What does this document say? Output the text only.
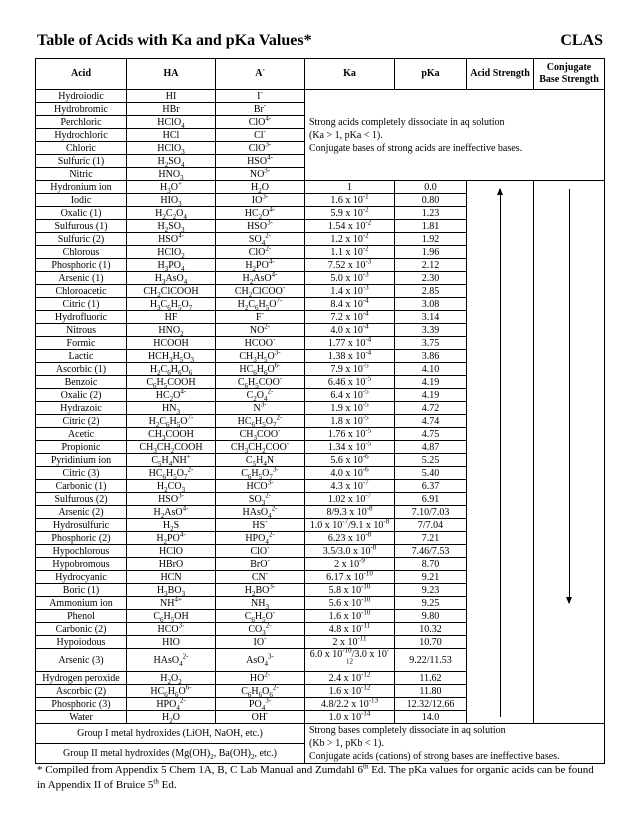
Table of Acids with Ka and pKa Values*	CLAS
Acid	HA	A-	Ka	pKa	Acid Strength	Conjugate Base Strength
Hydroiodic	HI	I-	Strong acids completely dissociate in aq solution
(Ka > 1, pKa < 1).
Conjugate bases of strong acids are ineffective bases.			
Hydrobromic	HBr	Br-
Perchloric	HClO$_4$	ClO$^{4-}$
Hydrochloric	HCl	Cl-
Chloric	HClO$_3$	ClO$^{3-}$
Sulfuric (1)	$H_2SO_4$	$HSO^{4-}$
Nitric	$HNO_3$	$NO^{3-}$
Hydronium ion	$H_3O^+$	$H_2O$	1	0.0	

Iodic	$HIO_3$	$IO^{3-}$	1.6 x $10^{-1}$	0.80		
Oxalic (1)	$H_2C_2O_4$	$HC_2O^{4-}$	5.9 x $10^{-2}$	1.23		
Sulfurous (1)	$H_2SO_3$	$HSO^{3-}$	1.54 x $10^{-2}$	1.81		
Sulfuric (2)	$HSO^{4-}$	$SO_4^{2-}$	1.2 x $10^{-2}$	1.92		
Chlorous	HClO$_2$	ClO$^{2-}$	1.1 x $10^{-2}$	1.96		
Phosphoric (1)	$H_3PO_4$	$H_2PO^{4-}$	7.52 x $10^{-3}$	2.12		
Arsenic (1)	$H_3AsO_4$	$H_2AsO^{4-}$	5.0 x $10^{-3}$	2.30		
Chloroacetic	$CH_2ClCOOH$	$CH_2ClCOO^-$	1.4 x $10^{-3}$	2.85		
Citric (1)	$H_3C_6H_5O_7$	$H_2C_6H_5O^{7-}$	8.4 x $10^{-4}$	3.08		
Hydrofluoric	HF	F-	7.2 x $10^{-4}$	3.14		
Nitrous	$HNO_2$	$NO^{2-}$	4.0 x $10^{-4}$	3.39		
Formic	HCOOH	HCOO-	1.77 x $10^{-4}$	3.75		
Lactic	$HCH_3H_5O_3$	$CH_3H_5O^{3-}$	1.38 x $10^{-4}$	3.86		
Ascorbic (1)	$H_2C_6H_6O_6$	$HC_6H_6O^{6-}$	7.9 x $10^{-5}$	4.10		
Benzoic	$C_6H_5COOH$	$C_6H_5COO^-$	6.46 x $10^{-5}$	4.19		
Oxalic (2)	$HC_2O^{4-}$	$C_2O_4^{2-}$	6.4 x $10^{-5}$	4.19		
Hydrazoic	$HN_3$	$N^{3-}$	1.9 x $10^{-5}$	4.72		
Citric (2)	$H_2C_6H_5O^{7-}$	$HC_6H_5O_7^{2-}$	1.8 x $10^{-5}$	4.74		
Acetic	$CH_3COOH$	$CH_3COO^-$	1.76 x $10^{-5}$	4.75		
Propionic	$CH_3CH_2COOH$	$CH_3CH_2COO^-$	1.34 x $10^{-5}$	4.87		
Pyridinium ion	$C_5H_4NH^+$	$C_5H_4N$	5.6 x $10^{-6}$	5.25		
Citric (3)	$HC_6H_5O_7^{2-}$	$C_6H_5O_7^{3-}$	4.0 x $10^{-6}$	5.40		
Carbonic (1)	$H_2CO_3$	$HCO^{3-}$	4.3 x $10^{-7}$	6.37		
Sulfurous (2)	$HSO^{3-}$	$SO_3^{2-}$	1.02 x $10^{-7}$	6.91		
Arsenic (2)	$H_2AsO^{4-}$	HAsO$_4^{2-}$	8/9.3 x $10^{-8}$	7.10/7.03		
Hydrosulfuric	$H_2S$	HS-	1.0 x $10^{-7}/9.1$ x $10^{-8}$	7/7.04		
Phosphoric (2)	$H_2PO^{4-}$	$HPO_4^{2-}$	6.23 x $10^{-8}$	7.21		
Hypochlorous	HClO	ClO-	3.5/3.0 x $10^{-8}$	7.46/7.53		
Hypobromous	HBrO	BrO-	2 x $10^{-9}$	8.70		
Hydrocyanic	HCN	CN-	6.17 x $10^{-10}$	9.21		
Boric (1)	$H_3BO_3$	$H_2BO^{3-}$	5.8 x $10^{-10}$	9.23		
Ammonium ion	$NH^{4+}$	$NH_3$	5.6 x $10^{-10}$	9.25		
Phenol	$C_6H_5OH$	$C_6H_5O^-$	1.6 x $10^{-10}$	9.80		
Carbonic (2)	$HCO^{3-}$	$CO_3^{2-}$	4.8 x $10^{-11}$	10.32		
Hypoiodous	HIO	IO-	2 x $10^{-11}$	10.70		
Arsenic (3)	HAsO$_4^{2-}$	AsO$_4^{3-}$	6.0 x $10^{-10}/3.0$ x $10^{-12}$	9.22/11.53		
Hydrogen peroxide	$H_2O_2$	$HO^{2-}$	2.4 x $10^{-12}$	11.62		
Ascorbic (2)	$HC_6H_6O^{6-}$	$C_6H_6O_6^{2-}$	1.6 x $10^{-12}$	11.80		
Phosphoric (3)	$HPO_4^{2-}$	$PO_4^{3-}$	4.8/2.2 x $10^{-13}$	12.32/12.66		
Water	$H_2O$	OH-	1.0 x $10^{-14}$	14.0		
Group I metal hydroxides (LiOH, NaOH, etc.)			Strong bases completely dissociate in aq solution
(Kb > 1, pKb < 1).
Conjugate acids (cations) of strong bases are ineffective bases.			
Group II metal hydroxides ($Mg(OH)_2$, $Ba(OH)_2$, etc.)						
* Compiled from Appendix 5 Chem 1A, B, C Lab Manual and Zumdahl 6th Ed. The pKa values for organic acids can be found in Appendix II of Bruice 5th Ed.
